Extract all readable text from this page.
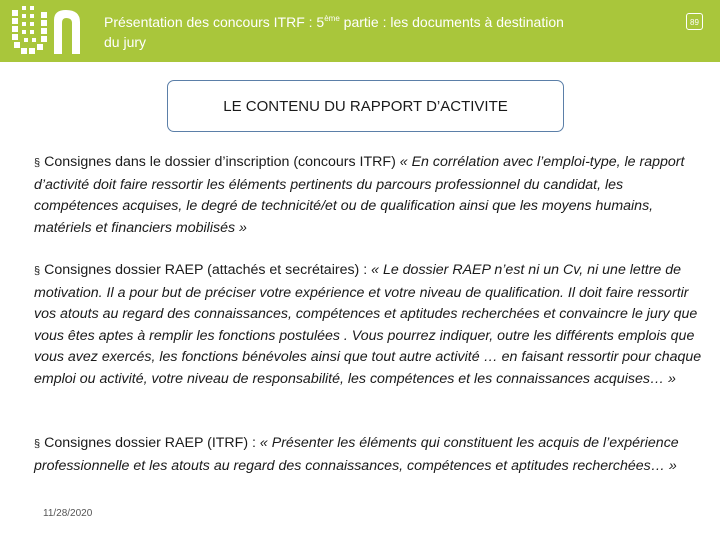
Présentation des concours ITRF : 5ème partie : les documents à destination du jury
89
LE CONTENU DU RAPPORT D’ACTIVITE

§ Consignes dans le dossier d’inscription (concours ITRF) « En corrélation avec l’emploi-type, le rapport d’activité doit faire ressortir les éléments pertinents du parcours professionnel du candidat, les compétences acquises, le degré de technicité/et ou de qualification ainsi que les moyens humains, matériels et financiers mobilisés »

§ Consignes dossier RAEP (attachés et secrétaires) : « Le dossier RAEP n’est ni un Cv, ni une lettre de motivation. Il a pour but de préciser votre expérience et votre niveau de qualification. Il doit faire ressortir vos atouts au regard des connaissances, compétences et aptitudes recherchées et convaincre le jury que vous êtes aptes à remplir les fonctions postulées . Vous pourrez indiquer, outre les différents emplois que vous avez exercés, les fonctions bénévoles ainsi que tout autre activité … en faisant ressortir pour chaque emploi ou activité, votre niveau de responsabilité, les compétences et les connaissances acquises… »

§ Consignes dossier RAEP (ITRF) : « Présenter les éléments qui constituent les acquis de l’expérience professionnelle et les atouts au regard des connaissances, compétences et aptitudes recherchées… »

11/28/2020
